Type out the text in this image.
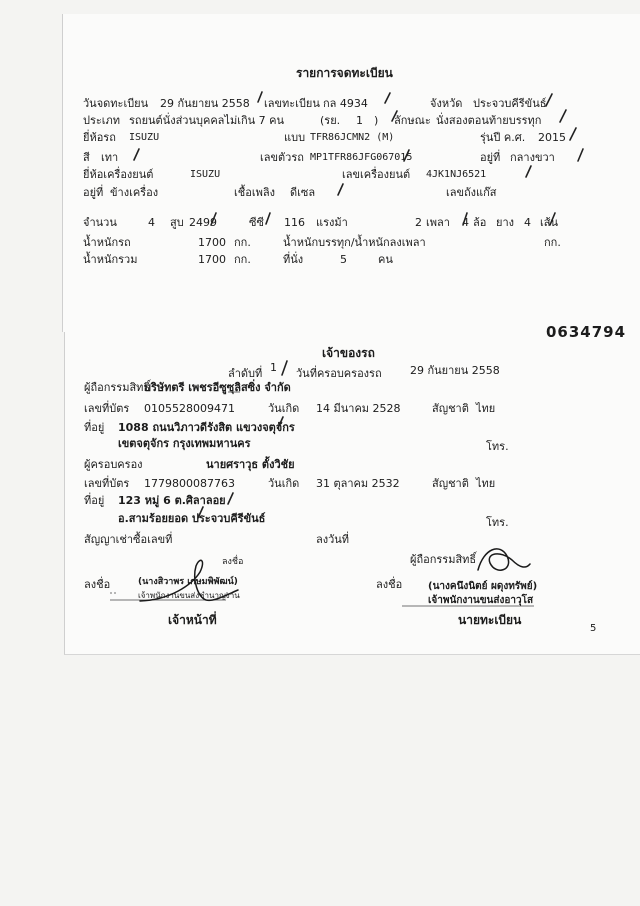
รายการจดทะเบียน
วันจดทะเบียน 29 กันยายน 2558 เลขทะเบียน กล 4934	จังหวัด ประจวบคีรีขันธ์
ประเภท รถยนต์นั่งส่วนบุคคลไม่เกิน 7 คน	(รย. 1 ) ลักษณะ นั่งสองตอนท้ายบรรทุก
ยี่ห้อรถ ISUZU	แบบ TFR86JCMN2 (M)	รุ่นปี ค.ศ. 2015
สี เทา	เลขตัวรถ MP1TFR86JFG067015	อยู่ที่ กลางขวา
ยี่ห้อเครื่องยนต์	ISUZU	เลขเครื่องยนต์ 4JK1NJ6521
อยู่ที่ ข้างเครื่อง	เชื้อเพลิง ดีเซล	เลขถังแก๊ส
จำนวน	4 สูบ 2499	ซีซี 116 แรงม้า	2 เพลา 4 ล้อ ยาง 4 เส้น
น้ำหนักรถ	1700 กก.	น้ำหนักบรรทุก/น้ำหนักลงเพลา	กก.
น้ำหนักรวม	1700 กก.	ที่นั่ง	5	คน
0634794
เจ้าของรถ
ลำดับที่ 1 วันที่ครอบครองรถ	29 กันยายน 2558
ผู้ถือกรรมสิทธิ์
บริษัทตรี เพชรอีซูซุลิสซิ่ง จำกัด
เลขที่บัตร 0105528009471	วันเกิด 14 มีนาคม 2528	สัญชาติ ไทย
ที่อยู่ 1088 ถนนวิภาวดีรังสิต แขวงจตุจักร
เขตจตุจักร กรุงเทพมหานคร	โทร.
ผู้ครอบครอง	นายศราวุธ ตั้งวิชัย
เลขที่บัตร 1779800087763	วันเกิด 31 ตุลาคม 2532	สัญชาติ ไทย
ที่อยู่ 123 หมู่ 6 ต.ศิลาลอย
อ.สามร้อยยอด ประจวบคีรีขันธ์	โทร.
สัญญาเช่าซื้อเลขที่	ลงวันที่
ลงชื่อ	ผู้ถือกรรมสิทธิ์
ลงชื่อ	(นางสิวาพร เกษมพิพัฒน์)
เจ้าพนักงานขนส่งชำนาญงาน
ลงชื่อ	(นางคนึงนิตย์ ผดุงทรัพย์)
เจ้าพนักงานขนส่งอาวุโส
เจ้าหน้าที่	นายทะเบียน
5
